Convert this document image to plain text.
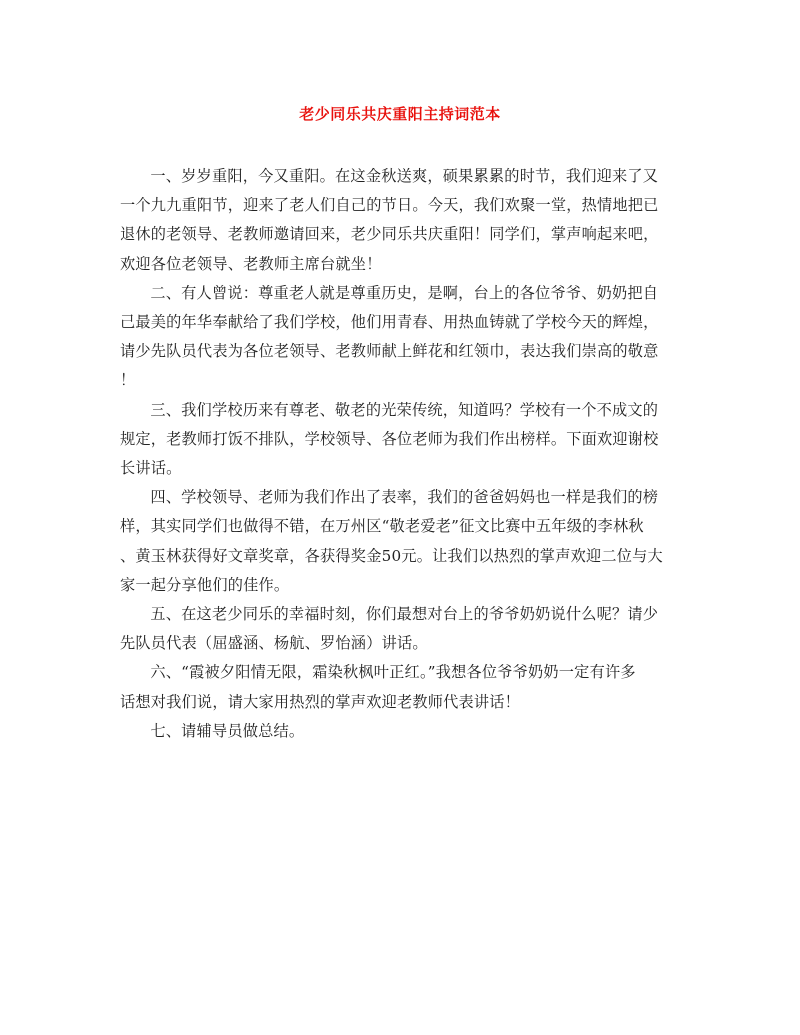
老少同乐共庆重阳主持词范本

一、岁岁重阳，今又重阳。在这金秋送爽，硕果累累的时节，我们迎来了又
一个九九重阳节，迎来了老人们自己的节日。今天，我们欢聚一堂，热情地把已
退休的老领导、老教师邀请回来，老少同乐共庆重阳！同学们，掌声响起来吧，
欢迎各位老领导、老教师主席台就坐！

二、有人曾说：尊重老人就是尊重历史，是啊，台上的各位爷爷、奶奶把自
己最美的年华奉献给了我们学校，他们用青春、用热血铸就了学校今天的辉煌，
请少先队员代表为各位老领导、老教师献上鲜花和红领巾，表达我们崇高的敬意
！

三、我们学校历来有尊老、敬老的光荣传统，知道吗？学校有一个不成文的
规定，老教师打饭不排队，学校领导、各位老师为我们作出榜样。下面欢迎谢校
长讲话。

四、学校领导、老师为我们作出了表率，我们的爸爸妈妈也一样是我们的榜
样，其实同学们也做得不错，在万州区“敬老爱老”征文比赛中五年级的李林秋
、黄玉林获得好文章奖章，各获得奖金50元。让我们以热烈的掌声欢迎二位与大
家一起分享他们的佳作。

五、在这老少同乐的幸福时刻，你们最想对台上的爷爷奶奶说什么呢？请少
先队员代表（屈盛涵、杨航、罗怡涵）讲话。

六、“霞被夕阳情无限，霜染秋枫叶正红。”我想各位爷爷奶奶一定有许多
话想对我们说，请大家用热烈的掌声欢迎老教师代表讲话！

七、请辅导员做总结。
